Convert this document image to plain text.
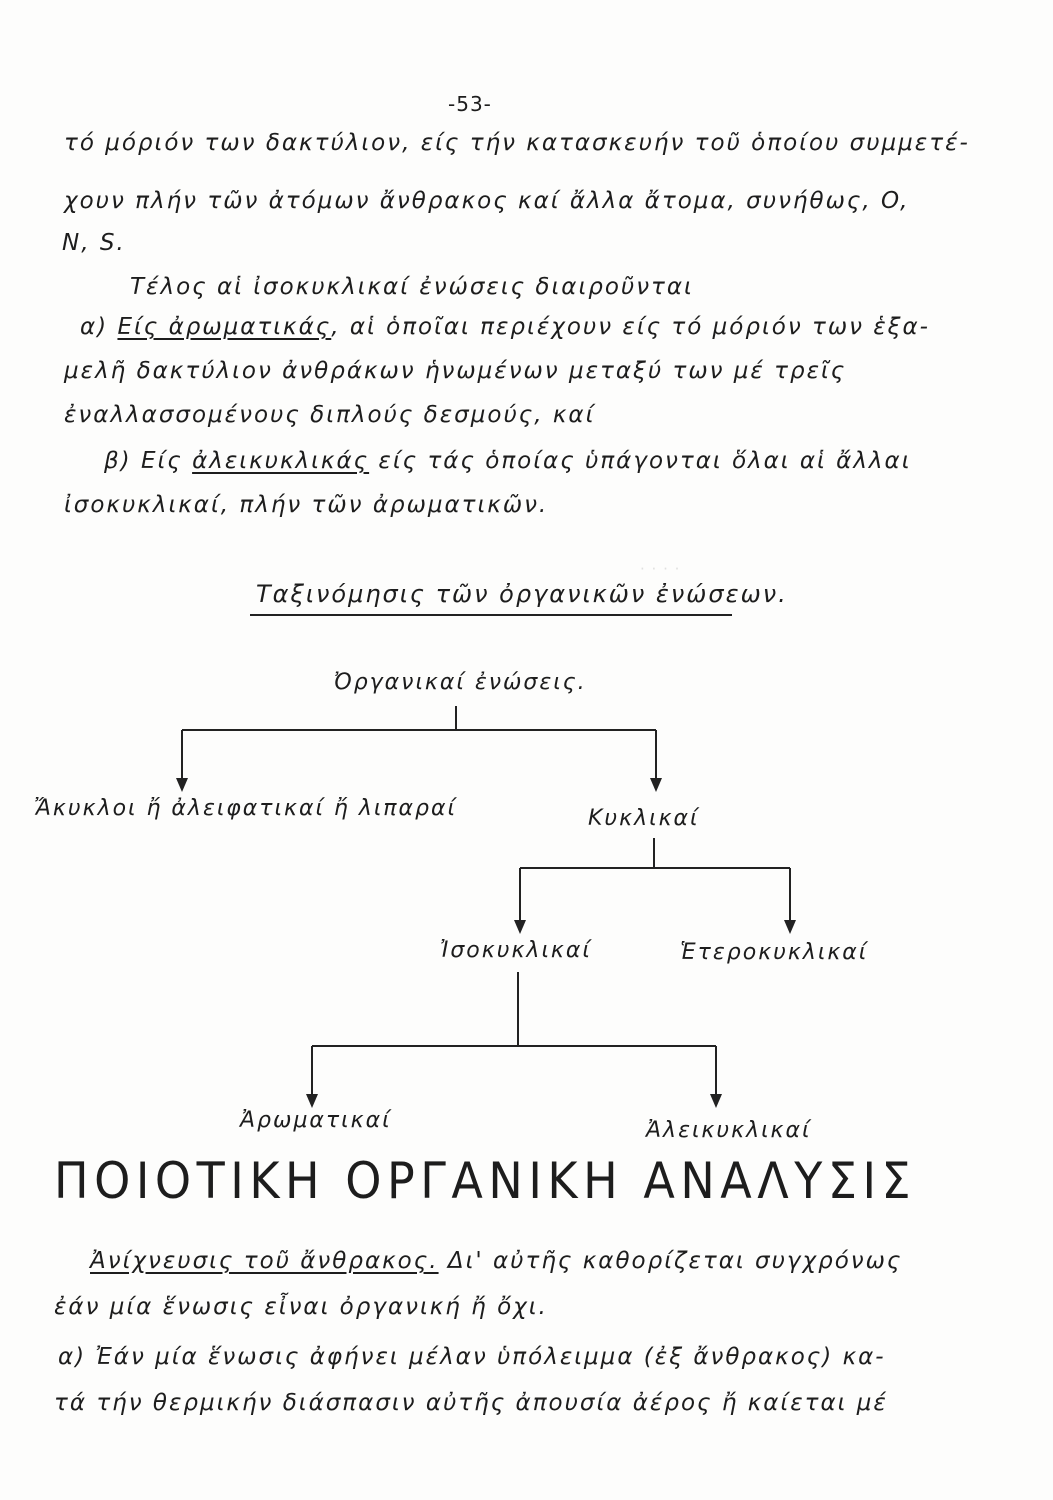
-53-
· · · ·
τό μόριόν των δακτύλιον, είς τήν κατασκευήν τοῦ ὁποίου συμμετέ-
χουν πλήν τῶν ἀτόμων ἄνθρακος καί ἄλλα ἄτομα, συνήθως, O,
N, S.
Τέλος αἱ ἰσοκυκλικαί ἐνώσεις διαιροῦνται
α) Είς ἀρωματικάς, αἱ ὁποῖαι περιέχουν είς τό μόριόν των ἑξα-
μελῆ δακτύλιον ἀνθράκων ἡνωμένων μεταξύ των μέ τρεῖς
ἐναλλασσομένους διπλούς δεσμούς, καί
β) Είς ἀλεικυκλικάς είς τάς ὁποίας ὑπάγονται ὅλαι αἱ ἄλλαι
ἰσοκυκλικαί, πλήν τῶν ἀρωματικῶν.
Ταξινόμησις τῶν ὀργανικῶν ἐνώσεων.
Ὀργανικαί ἐνώσεις.
Ἄκυκλοι ἤ ἀλειφατικαί ἤ λιπαραί	Κυκλικαί
Ἰσοκυκλικαί	Ἑτεροκυκλικαί
Ἀρωματικαί	Ἀλεικυκλικαί
ΠΟΙΟΤΙΚΗ ΟΡΓΑΝΙΚΗ ΑΝΑΛΥΣΙΣ
Ἀνίχνευσις τοῦ ἄνθρακος. Δι' αὐτῆς καθορίζεται συγχρόνως
ἐάν μία ἕνωσις εἶναι ὀργανική ἤ ὄχι.
α) Ἐάν μία ἕνωσις ἀφήνει μέλαν ὑπόλειμμα (ἐξ ἄνθρακος) κα-
τά τήν θερμικήν διάσπασιν αὐτῆς ἀπουσία ἀέρος ἤ καίεται μέ
